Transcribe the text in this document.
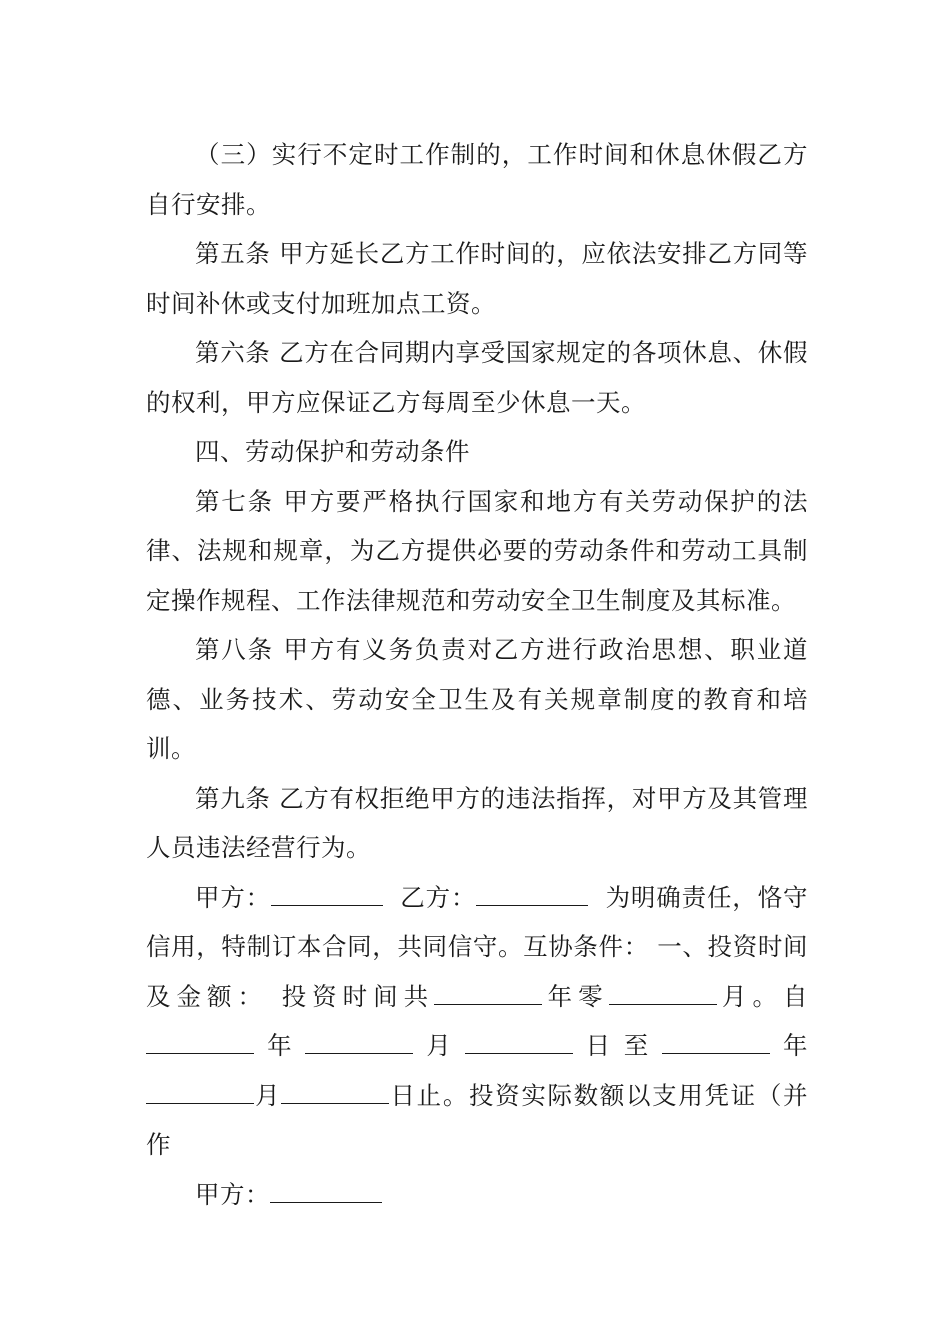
（三）实行不定时工作制的，工作时间和休息休假乙方自行安排。

第五条 甲方延长乙方工作时间的，应依法安排乙方同等时间补休或支付加班加点工资。

第六条 乙方在合同期内享受国家规定的各项休息、休假的权利，甲方应保证乙方每周至少休息一天。

四、劳动保护和劳动条件

第七条 甲方要严格执行国家和地方有关劳动保护的法律、法规和规章，为乙方提供必要的劳动条件和劳动工具制定操作规程、工作法律规范和劳动安全卫生制度及其标准。

第八条 甲方有义务负责对乙方进行政治思想、职业道德、业务技术、劳动安全卫生及有关规章制度的教育和培训。

第九条 乙方有权拒绝甲方的违法指挥，对甲方及其管理人员违法经营行为。

甲方：	乙方：	为明确责任，恪守信用，特制订本合同，共同信守。互协条件： 一、投资时间及金额： 投资时间共	年零	月。自年	月	日至	年月	日止。投资实际数额以支用凭证（并作

甲方：
